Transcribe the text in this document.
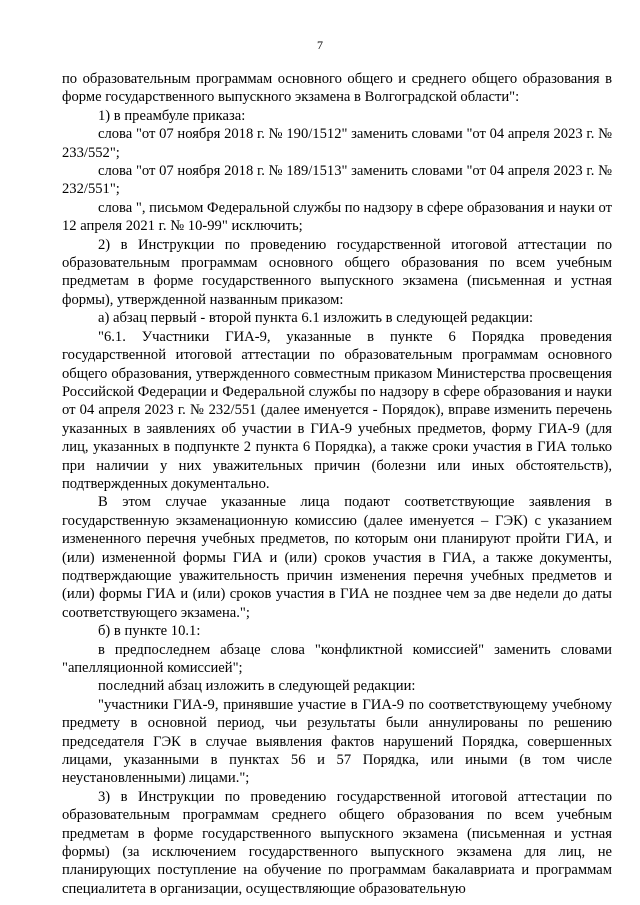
7

по образовательным программам основного общего и среднего общего образования в форме государственного выпускного экзамена в Волгоградской области":

1) в преамбуле приказа:

слова "от 07 ноября 2018 г. № 190/1512" заменить словами "от 04 апреля 2023 г. № 233/552";

слова "от 07 ноября 2018 г. № 189/1513" заменить словами "от 04 апреля 2023 г. № 232/551";

слова ", письмом Федеральной службы по надзору в сфере образования и науки от 12 апреля 2021 г. № 10-99" исключить;

2) в Инструкции по проведению государственной итоговой аттестации по образовательным программам основного общего образования по всем учебным предметам в форме государственного выпускного экзамена (письменная и устная формы), утвержденной названным приказом:

а) абзац первый - второй пункта 6.1 изложить в следующей редакции:

"6.1. Участники ГИА-9, указанные в пункте 6 Порядка проведения государственной итоговой аттестации по образовательным программам основного общего образования, утвержденного совместным приказом Министерства просвещения Российской Федерации и Федеральной службы по надзору в сфере образования и науки от 04 апреля 2023 г. № 232/551 (далее именуется - Порядок), вправе изменить перечень указанных в заявлениях об участии в ГИА-9 учебных предметов, форму ГИА-9 (для лиц, указанных в подпункте 2 пункта 6 Порядка), а также сроки участия в ГИА только при наличии у них уважительных причин (болезни или иных обстоятельств), подтвержденных документально.

В этом случае указанные лица подают соответствующие заявления в государственную экзаменационную комиссию (далее именуется – ГЭК) с указанием измененного перечня учебных предметов, по которым они планируют пройти ГИА, и (или) измененной формы ГИА и (или) сроков участия в ГИА, а также документы, подтверждающие уважительность причин изменения перечня учебных предметов и (или) формы ГИА и (или) сроков участия в ГИА не позднее чем за две недели до даты соответствующего экзамена.";

б) в пункте 10.1:

в предпоследнем абзаце слова "конфликтной комиссией" заменить словами "апелляционной комиссией";

последний абзац изложить в следующей редакции:

"участники ГИА-9, принявшие участие в ГИА-9 по соответствующему учебному предмету в основной период, чьи результаты были аннулированы по решению председателя ГЭК в случае выявления фактов нарушений Порядка, совершенных лицами, указанными в пунктах 56 и 57 Порядка, или иными (в том числе неустановленными) лицами.";

3) в Инструкции по проведению государственной итоговой аттестации по образовательным программам среднего общего образования по всем учебным предметам в форме государственного выпускного экзамена (письменная и устная формы) (за исключением государственного выпускного экзамена для лиц, не планирующих поступление на обучение по программам бакалавриата и программам специалитета в организации, осуществляющие образовательную
